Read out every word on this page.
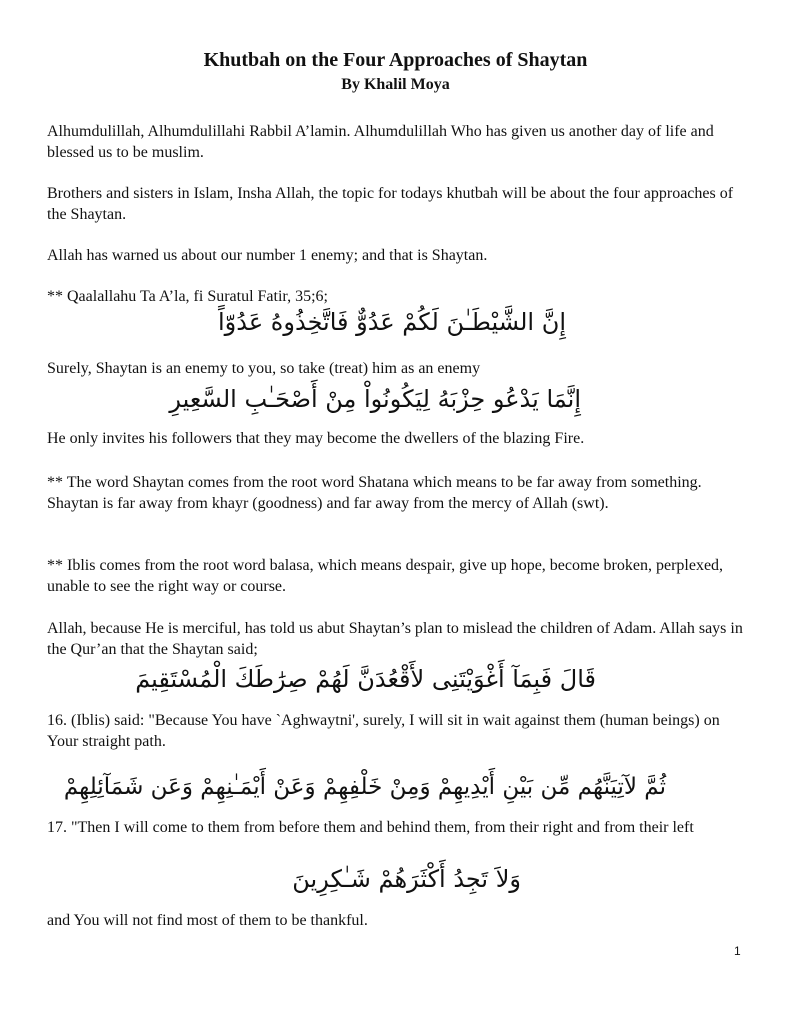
Khutbah on the Four Approaches of Shaytan
By Khalil Moya

Alhumdulillah, Alhumdulillahi Rabbil A’lamin. Alhumdulillah Who has given us another day of life and blessed us to be muslim.

Brothers and sisters in Islam, Insha Allah, the topic for todays khutbah will be about the four approaches of the Shaytan.

Allah has warned us about our number 1 enemy; and that is Shaytan.

** Qaalallahu Ta A’la, fi Suratul Fatir, 35;6;

إِنَّ الشَّيْطَـٰنَ لَكُمْ عَدُوٌّ فَاتَّخِذُوهُ عَدُوّاً

Surely, Shaytan is an enemy to you, so take (treat) him as an enemy

إِنَّمَا يَدْعُو حِزْبَهُ لِيَكُونُواْ مِنْ أَصْحَـٰبِ السَّعِيرِ

He only invites his followers that they may become the dwellers of the blazing Fire.

** The word Shaytan comes from the root word Shatana which means to be far away from something. Shaytan is far away from khayr (goodness) and far away from the mercy of Allah (swt).

** Iblis comes from the root word balasa, which means despair, give up hope, become broken, perplexed, unable to see the right way or course.

Allah, because He is merciful, has told us abut Shaytan’s plan to mislead the children of Adam. Allah says in the Qur’an that the Shaytan said;

قَالَ فَبِمَآ أَغْوَيْتَنِى لأَقْعُدَنَّ لَهُمْ صِرَٰطَكَ الْمُسْتَقِيمَ

16. (Iblis) said: "Because You have `Aghwaytni', surely, I will sit in wait against them (human beings) on Your straight path.

ثُمَّ لآتِيَنَّهُم مِّن بَيْنِ أَيْدِيهِمْ وَمِنْ خَلْفِهِمْ وَعَنْ أَيْمَـٰنِهِمْ وَعَن شَمَآئِلِهِمْ

17. "Then I will come to them from before them and behind them, from their right and from their left

وَلاَ تَجِدُ أَكْثَرَهُمْ شَـٰكِرِينَ

and You will not find most of them to be thankful.

1
